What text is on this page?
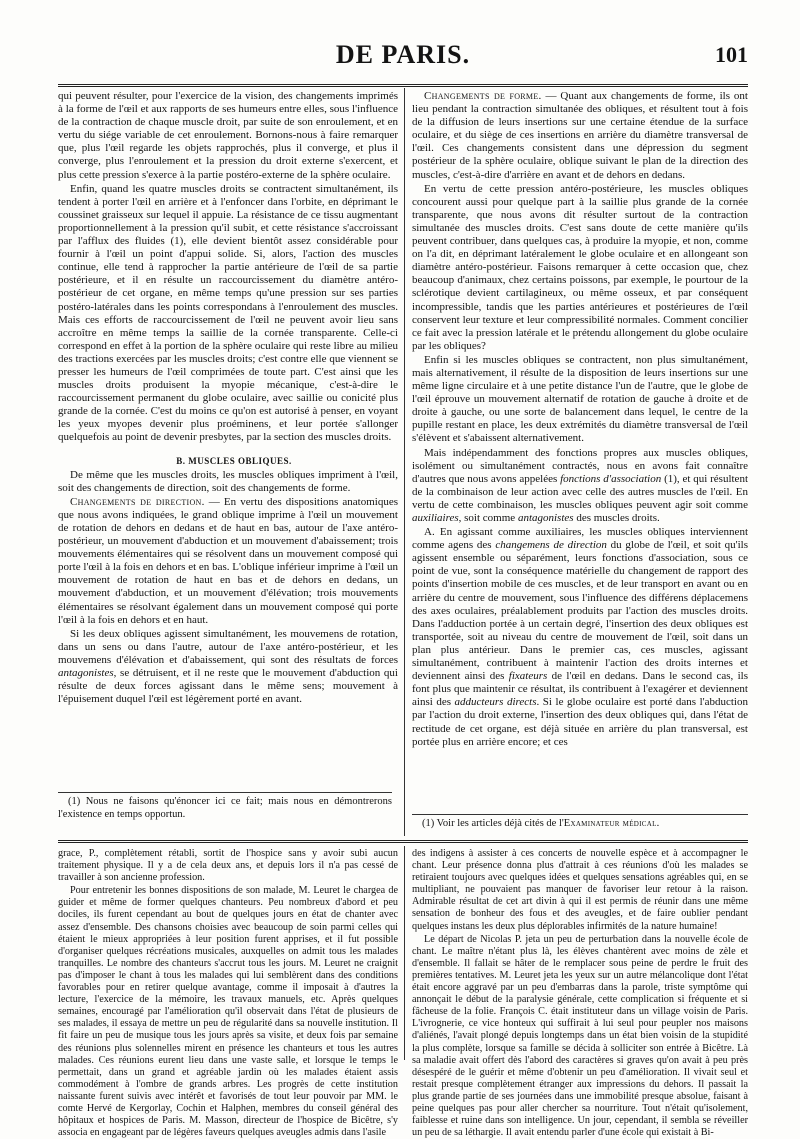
DE PARIS.	101

qui peuvent résulter, pour l'exercice de la vision, des changements imprimés à la forme de l'œil et aux rapports de ses humeurs entre elles, sous l'influence de la contraction de chaque muscle droit, par suite de son enroulement, et en vertu du siége variable de cet enroulement. Bornons-nous à faire remarquer que, plus l'œil regarde les objets rapprochés, plus il converge, et plus il converge, plus l'enroulement et la pression du droit externe s'exercent, et plus cette pression s'exerce à la partie postéro-externe de la sphère oculaire.

Enfin, quand les quatre muscles droits se contractent simultanément, ils tendent à porter l'œil en arrière et à l'enfoncer dans l'orbite, en déprimant le coussinet graisseux sur lequel il appuie. La résistance de ce tissu augmentant proportionnellement à la pression qu'il subit, et cette résistance s'accroissant par l'afflux des fluides (1), elle devient bientôt assez considérable pour fournir à l'œil un point d'appui solide. Si, alors, l'action des muscles continue, elle tend à rapprocher la partie antérieure de l'œil de sa partie postérieure, et il en résulte un raccourcissement du diamètre antéro-postérieur de cet organe, en même temps qu'une pression sur ses parties postéro-latérales dans les points correspondans à l'enroulement des muscles. Mais ces efforts de raccourcissement de l'œil ne peuvent avoir lieu sans accroître en même temps la saillie de la cornée transparente. Celle-ci correspond en effet à la portion de la sphère oculaire qui reste libre au milieu des tractions exercées par les muscles droits; c'est contre elle que viennent se presser les humeurs de l'œil comprimées de toute part. C'est ainsi que les muscles droits produisent la myopie mécanique, c'est-à-dire le raccourcissement permanent du globe oculaire, avec saillie ou conicité plus grande de la cornée. C'est du moins ce qu'on est autorisé à penser, en voyant les yeux myopes devenir plus proéminens, et leur portée s'allonger quelquefois au point de devenir presbytes, par la section des muscles droits.

B. MUSCLES OBLIQUES.

De même que les muscles droits, les muscles obliques impriment à l'œil, soit des changements de direction, soit des changements de forme.

Changements de direction. — En vertu des dispositions anatomiques que nous avons indiquées, le grand oblique imprime à l'œil un mouvement de rotation de dehors en dedans et de haut en bas, autour de l'axe antéro-postérieur, un mouvement d'abduction et un mouvement d'abaissement; trois mouvements élémentaires qui se résolvent dans un mouvement composé qui porte l'œil à la fois en dehors et en bas. L'oblique inférieur imprime à l'œil un mouvement de rotation de haut en bas et de dehors en dedans, un mouvement d'abduction, et un mouvement d'élévation; trois mouvements élémentaires se résolvant également dans un mouvement composé qui porte l'œil à la fois en dehors et en haut.

Si les deux obliques agissent simultanément, les mouvemens de rotation, dans un sens ou dans l'autre, autour de l'axe antéro-postérieur, et les mouvemens d'élévation et d'abaissement, qui sont des résultats de forces antagonistes, se détruisent, et il ne reste que le mouvement d'abduction qui résulte de deux forces agissant dans le même sens; mouvement à l'épuisement duquel l'œil est légèrement porté en avant.

(1) Nous ne faisons qu'énoncer ici ce fait; mais nous en démontrerons l'existence en temps opportun.

Changements de forme. — Quant aux changements de forme, ils ont lieu pendant la contraction simultanée des obliques, et résultent tout à fois de la diffusion de leurs insertions sur une certaine étendue de la surface oculaire, et du siège de ces insertions en arrière du diamètre transversal de l'œil. Ces changements consistent dans une dépression du segment postérieur de la sphère oculaire, oblique suivant le plan de la direction des muscles, c'est-à-dire d'arrière en avant et de dehors en dedans.

En vertu de cette pression antéro-postérieure, les muscles obliques concourent aussi pour quelque part à la saillie plus grande de la cornée transparente, que nous avons dit résulter surtout de la contraction simultanée des muscles droits. C'est sans doute de cette manière qu'ils peuvent contribuer, dans quelques cas, à produire la myopie, et non, comme on l'a dit, en déprimant latéralement le globe oculaire et en allongeant son diamètre antéro-postérieur. Faisons remarquer à cette occasion que, chez beaucoup d'animaux, chez certains poissons, par exemple, le pourtour de la sclérotique devient cartilagineux, ou même osseux, et par conséquent incompressible, tandis que les parties antérieures et postérieures de l'œil conservent leur texture et leur compressibilité normales. Comment concilier ce fait avec la pression latérale et le prétendu allongement du globe oculaire par les obliques?

Enfin si les muscles obliques se contractent, non plus simultanément, mais alternativement, il résulte de la disposition de leurs insertions sur une même ligne circulaire et à une petite distance l'un de l'autre, que le globe de l'œil éprouve un mouvement alternatif de rotation de gauche à droite et de droite à gauche, ou une sorte de balancement dans lequel, le centre de la pupille restant en place, les deux extrémités du diamètre transversal de l'œil s'élèvent et s'abaissent alternativement.

Mais indépendamment des fonctions propres aux muscles obliques, isolément ou simultanément contractés, nous en avons fait connaître d'autres que nous avons appelées fonctions d'association (1), et qui résultent de la combinaison de leur action avec celle des autres muscles de l'œil. En vertu de cette combinaison, les muscles obliques peuvent agir soit comme auxiliaires, soit comme antagonistes des muscles droits.

A. En agissant comme auxiliaires, les muscles obliques interviennent comme agens des changemens de direction du globe de l'œil, et soit qu'ils agissent ensemble ou séparément, leurs fonctions d'association, sous ce point de vue, sont la conséquence matérielle du changement de rapport des points d'insertion mobile de ces muscles, et de leur transport en avant ou en arrière du centre de mouvement, sous l'influence des différens déplacemens des axes oculaires, préalablement produits par l'action des muscles droits. Dans l'adduction portée à un certain degré, l'insertion des deux obliques est transportée, soit au niveau du centre de mouvement de l'œil, soit dans un plan plus antérieur. Dans le premier cas, ces muscles, agissant simultanément, contribuent à maintenir l'action des droits internes et deviennent ainsi des fixateurs de l'œil en dedans. Dans le second cas, ils font plus que maintenir ce résultat, ils contribuent à l'exagérer et deviennent ainsi des adducteurs directs. Si le globe oculaire est porté dans l'abduction par l'action du droit externe, l'insertion des deux obliques qui, dans l'état de rectitude de cet organe, est déjà située en arrière du plan transversal, est portée plus en arrière encore; et ces

(1) Voir les articles déjà cités de l'Examinateur médical.

grace, P., complètement rétabli, sortit de l'hospice sans y avoir subi aucun traitement physique. Il y a de cela deux ans, et depuis lors il n'a pas cessé de travailler à son ancienne profession.

Pour entretenir les bonnes dispositions de son malade, M. Leuret le chargea de guider et même de former quelques chanteurs. Peu nombreux d'abord et peu dociles, ils furent cependant au bout de quelques jours en état de chanter avec assez d'ensemble. Des chansons choisies avec beaucoup de soin parmi celles qui étaient le mieux appropriées à leur position furent apprises, et il fut possible d'organiser quelques récréations musicales, auxquelles on admit tous les malades tranquilles. Le nombre des chanteurs s'accrut tous les jours. M. Leuret ne craignit pas d'imposer le chant à tous les malades qui lui semblèrent dans des conditions favorables pour en retirer quelque avantage, comme il imposait à d'autres la lecture, l'exercice de la mémoire, les travaux manuels, etc. Après quelques semaines, encouragé par l'amélioration qu'il observait dans l'état de plusieurs de ses malades, il essaya de mettre un peu de régularité dans sa nouvelle institution. Il fit faire un peu de musique tous les jours après sa visite, et deux fois par semaine des réunions plus solennelles mirent en présence les chanteurs et tous les autres malades. Ces réunions eurent lieu dans une vaste salle, et lorsque le temps le permettait, dans un grand et agréable jardin où les malades étaient assis commodément à l'ombre de grands arbres. Les progrès de cette institution naissante furent suivis avec intérêt et favorisés de tout leur pouvoir par MM. le comte Hervé de Kergorlay, Cochin et Halphen, membres du conseil général des hôpitaux et hospices de Paris. M. Masson, directeur de l'hospice de Bicêtre, s'y associa en engageant par de légères faveurs quelques aveugles admis dans l'asile

des indigens à assister à ces concerts de nouvelle espèce et à accompagner le chant. Leur présence donna plus d'attrait à ces réunions d'où les malades se retiraient toujours avec quelques idées et quelques sensations agréables qui, en se multipliant, ne pouvaient pas manquer de favoriser leur retour à la raison. Admirable résultat de cet art divin à qui il est permis de réunir dans une même sensation de bonheur des fous et des aveugles, et de faire oublier pendant quelques instans les deux plus déplorables infirmités de la nature humaine!

Le départ de Nicolas P. jeta un peu de perturbation dans la nouvelle école de chant. Le maître n'étant plus là, les élèves chantèrent avec moins de zèle et d'ensemble. Il fallait se hâter de le remplacer sous peine de perdre le fruit des premières tentatives. M. Leuret jeta les yeux sur un autre mélancolique dont l'état était encore aggravé par un peu d'embarras dans la parole, triste symptôme qui annonçait le début de la paralysie générale, cette complication si fréquente et si fâcheuse de la folie. François C. était instituteur dans un village voisin de Paris. L'ivrognerie, ce vice honteux qui suffirait à lui seul pour peupler nos maisons d'aliénés, l'avait plongé depuis longtemps dans un état bien voisin de la stupidité la plus complète, lorsque sa famille se décida à solliciter son entrée à Bicêtre. Là sa maladie avait offert dès l'abord des caractères si graves qu'on avait à peu près désespéré de le guérir et même d'obtenir un peu d'amélioration. Il vivait seul et restait presque complètement étranger aux impressions du dehors. Il passait la plus grande partie de ses journées dans une immobilité presque absolue, faisant à peine quelques pas pour aller chercher sa nourriture. Tout n'était qu'isolement, faiblesse et ruine dans son intelligence. Un jour, cependant, il sembla se réveiller un peu de sa léthargie. Il avait entendu parler d'une école qui existait à Bi-
